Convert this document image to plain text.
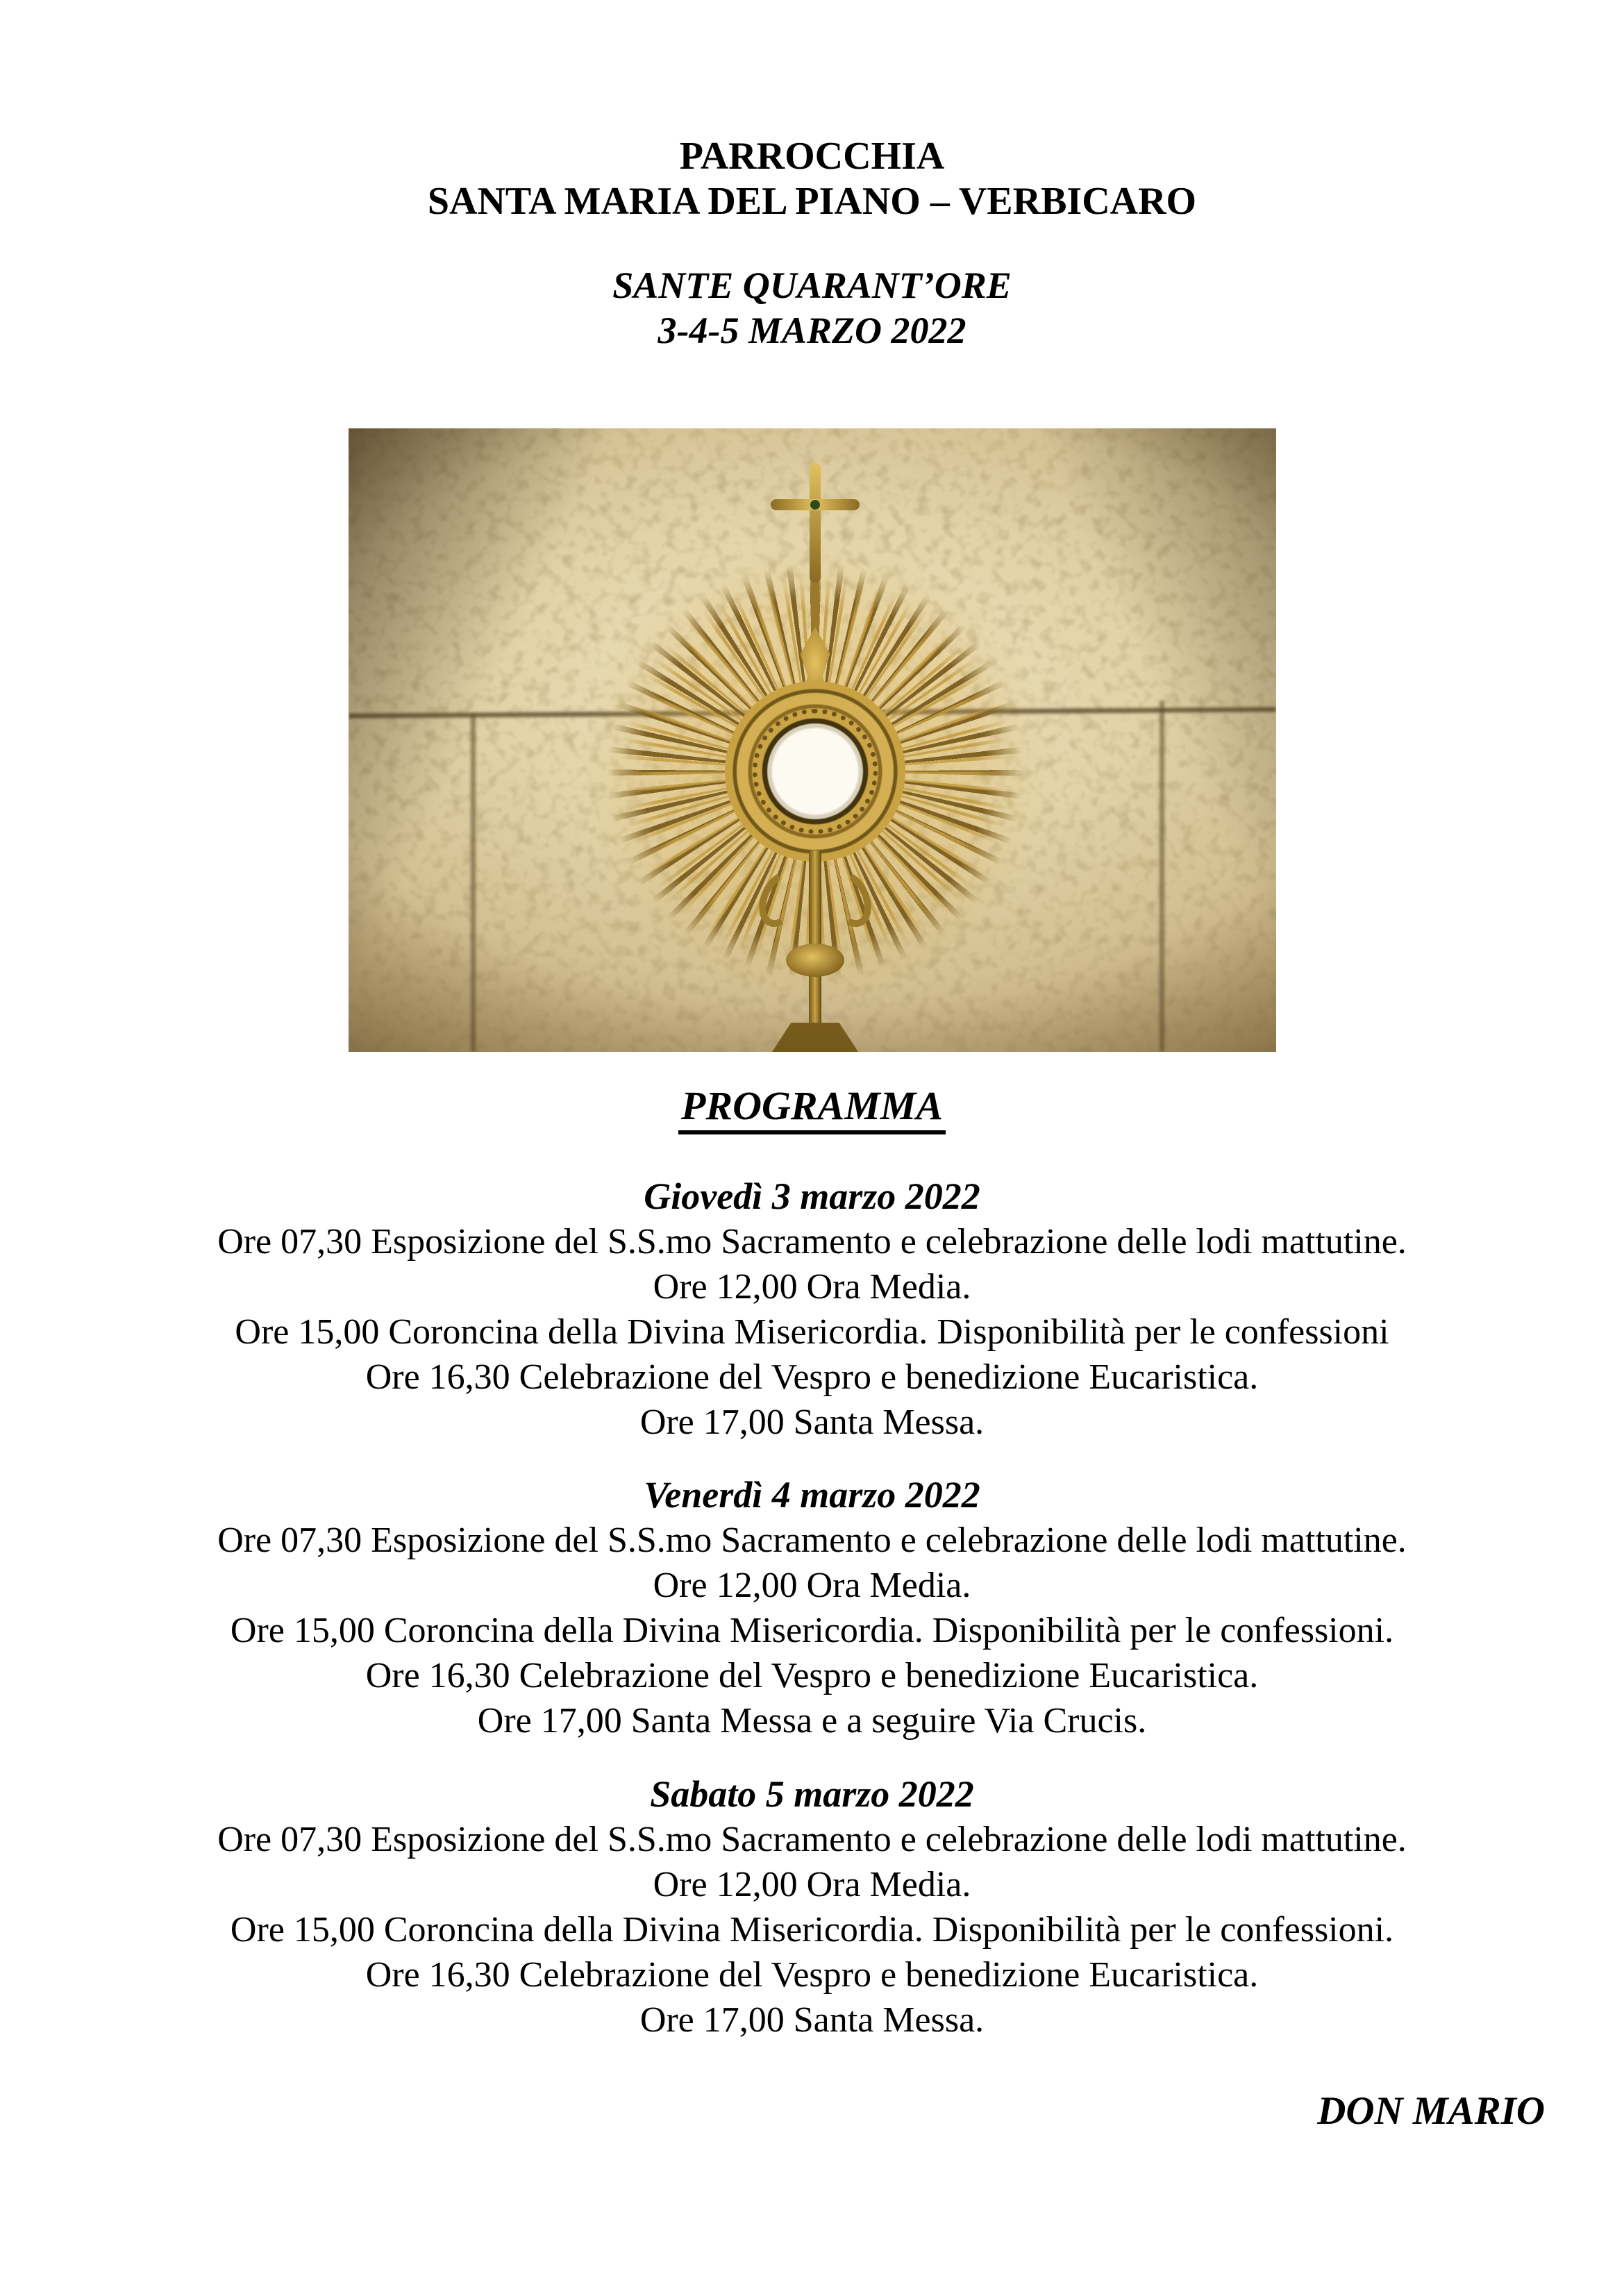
PARROCCHIA
SANTA MARIA DEL PIANO – VERBICARO
SANTE QUARANT’ORE
3-4-5 MARZO 2022
PROGRAMMA
Giovedì 3 marzo 2022
Ore 07,30 Esposizione del S.S.mo Sacramento e celebrazione delle lodi mattutine.
Ore 12,00 Ora Media.
Ore 15,00 Coroncina della Divina Misericordia. Disponibilità per le confessioni
Ore 16,30 Celebrazione del Vespro e benedizione Eucaristica.
Ore 17,00 Santa Messa.
Venerdì 4 marzo 2022
Ore 07,30 Esposizione del S.S.mo Sacramento e celebrazione delle lodi mattutine.
Ore 12,00 Ora Media.
Ore 15,00 Coroncina della Divina Misericordia. Disponibilità per le confessioni.
Ore 16,30 Celebrazione del Vespro e benedizione Eucaristica.
Ore 17,00 Santa Messa e a seguire Via Crucis.
Sabato 5 marzo 2022
Ore 07,30 Esposizione del S.S.mo Sacramento e celebrazione delle lodi mattutine.
Ore 12,00 Ora Media.
Ore 15,00 Coroncina della Divina Misericordia. Disponibilità per le confessioni.
Ore 16,30 Celebrazione del Vespro e benedizione Eucaristica.
Ore 17,00 Santa Messa.
DON MARIO
